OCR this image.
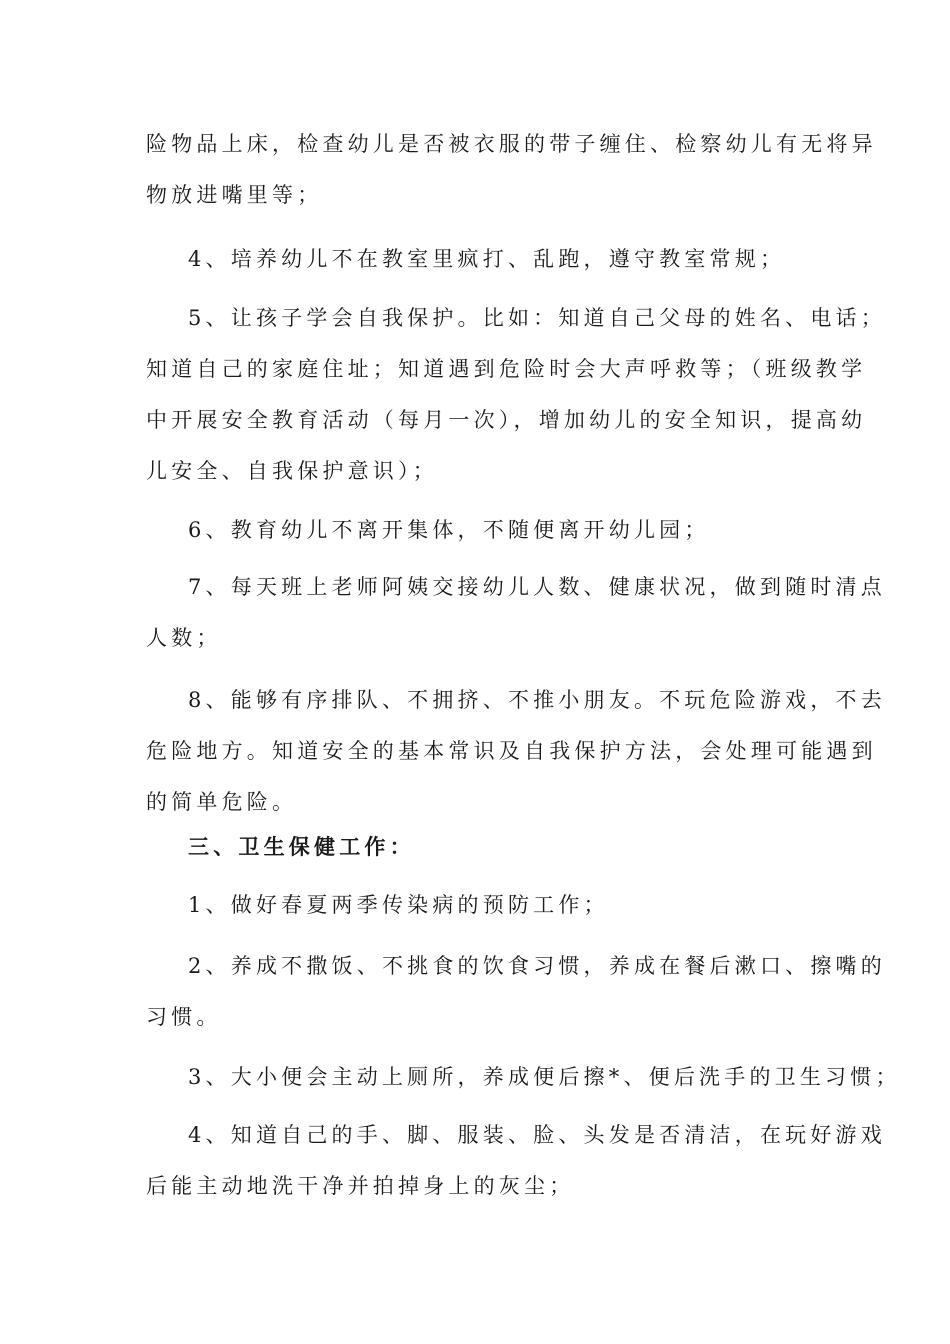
险物品上床，检查幼儿是否被衣服的带子缠住、检察幼儿有无将异
物放进嘴里等；
4、培养幼儿不在教室里疯打、乱跑，遵守教室常规；
5、让孩子学会自我保护。比如：知道自己父母的姓名、电话；
知道自己的家庭住址；知道遇到危险时会大声呼救等；（班级教学
中开展安全教育活动（每月一次），增加幼儿的安全知识，提高幼
儿安全、自我保护意识）；
6、教育幼儿不离开集体，不随便离开幼儿园；
7、每天班上老师阿姨交接幼儿人数、健康状况，做到随时清点
人数；
8、能够有序排队、不拥挤、不推小朋友。不玩危险游戏，不去
危险地方。知道安全的基本常识及自我保护方法，会处理可能遇到
的简单危险。
三、卫生保健工作：
1、做好春夏两季传染病的预防工作；
2、养成不撒饭、不挑食的饮食习惯，养成在餐后漱口、擦嘴的
习惯。
3、大小便会主动上厕所，养成便后擦*、便后洗手的卫生习惯；
4、知道自己的手、脚、服装、脸、头发是否清洁，在玩好游戏
后能主动地洗干净并拍掉身上的灰尘；
